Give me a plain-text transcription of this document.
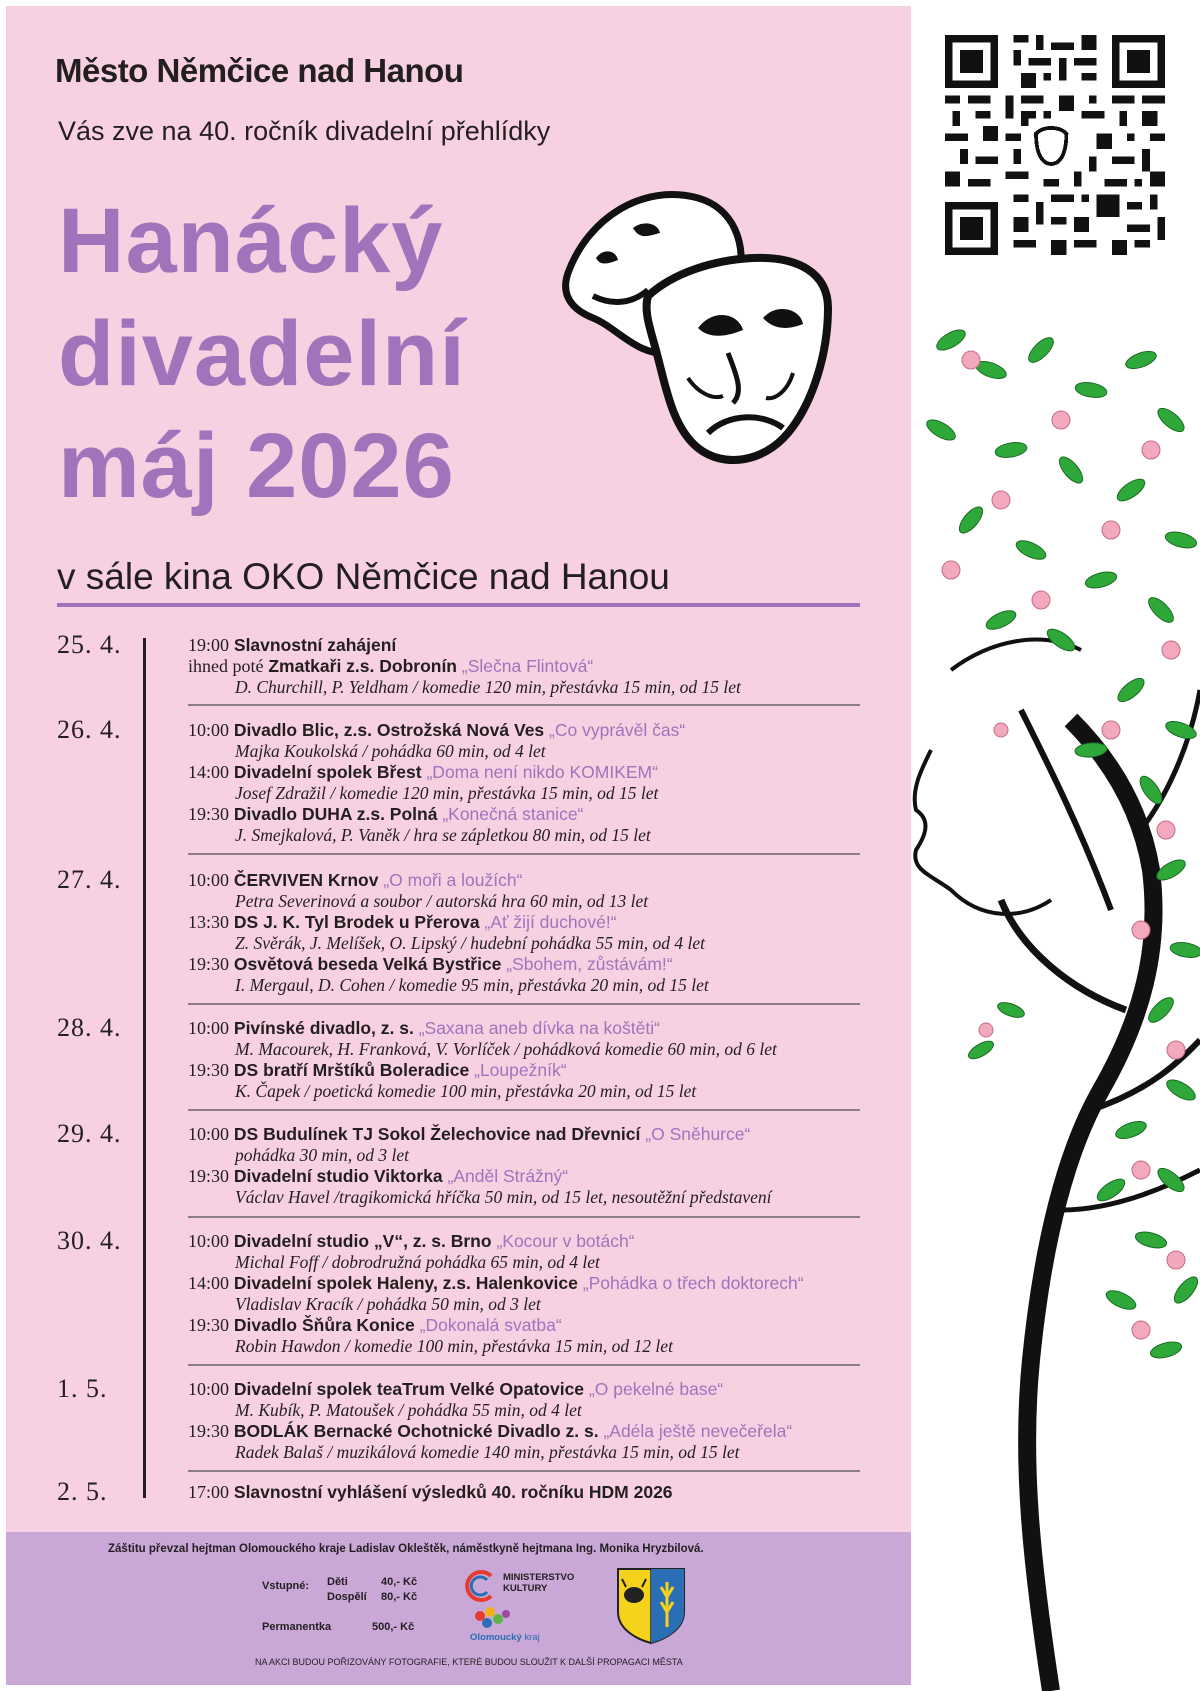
Město Němčice nad Hanou
Vás zve na 40. ročník divadelní přehlídky
Hanácký
divadelní
máj 2026
v sále kina OKO Němčice nad Hanou
25. 4.	19:00 Slavnostní zahájení
ihned poté Zmatkaři z.s. Dobronín „Slečna Flintová“
D. Churchill, P. Yeldham / komedie 120 min, přestávka 15 min, od 15 let
26. 4.	10:00 Divadlo Blic, z.s. Ostrožská Nová Ves „Co vyprávěl čas“
Majka Koukolská / pohádka 60 min, od 4 let
14:00 Divadelní spolek Břest „Doma není nikdo KOMIKEM“
Josef Zdražil / komedie 120 min, přestávka 15 min, od 15 let
19:30 Divadlo DUHA z.s. Polná „Konečná stanice“
J. Smejkalová, P. Vaněk / hra se zápletkou 80 min, od 15 let
27. 4.	10:00 ČERVIVEN Krnov „O moři a loužích“
Petra Severinová a soubor / autorská hra 60 min, od 13 let
13:30 DS J. K. Tyl Brodek u Přerova „Ať žijí duchové!“
Z. Svěrák, J. Melíšek, O. Lipský / hudební pohádka 55 min, od 4 let
19:30 Osvětová beseda Velká Bystřice „Sbohem, zůstávám!“
I. Mergaul, D. Cohen / komedie 95 min, přestávka 20 min, od 15 let
28. 4.	10:00 Pivínské divadlo, z. s. „Saxana aneb dívka na koštěti“
M. Macourek, H. Franková, V. Vorlíček / pohádková komedie 60 min, od 6 let
19:30 DS bratří Mrštíků Boleradice „Loupežník“
K. Čapek / poetická komedie 100 min, přestávka 20 min, od 15 let
29. 4.	10:00 DS Budulínek TJ Sokol Želechovice nad Dřevnicí „O Sněhurce“
pohádka 30 min, od 3 let
19:30 Divadelní studio Viktorka „Anděl Strážný“
Václav Havel /tragikomická hříčka 50 min, od 15 let, nesoutěžní představení
30. 4.	10:00 Divadelní studio „V“, z. s. Brno „Kocour v botách“
Michal Foff / dobrodružná pohádka 65 min, od 4 let
14:00 Divadelní spolek Haleny, z.s. Halenkovice „Pohádka o třech doktorech“
Vladislav Kracík / pohádka 50 min, od 3 let
19:30 Divadlo Šňůra Konice „Dokonalá svatba“
Robin Hawdon / komedie 100 min, přestávka 15 min, od 12 let
1. 5.	10:00 Divadelní spolek teaTrum Velké Opatovice „O pekelné base“
M. Kubík, P. Matoušek / pohádka 55 min, od 4 let
19:30 BODLÁK Bernacké Ochotnické Divadlo z. s. „Adéla ještě nevečeřela“
Radek Balaš / muzikálová komedie 140 min, přestávka 15 min, od 15 let
2. 5.	17:00 Slavnostní vyhlášení výsledků 40. ročníku HDM 2026
Záštitu převzal hejtman Olomouckého kraje Ladislav Okleštěk, náměstkyně hejtmana Ing. Monika Hryzbilová.
Vstupné: Děti	40,- Kč
Dospělí 80,- Kč
Permanentka	500,- Kč
MINISTERSTVO
KULTURY
Olomoucký kraj
NA AKCI BUDOU POŘIZOVÁNY FOTOGRAFIE, KTERÉ BUDOU SLOUŽIT K DALŠÍ PROPAGACI MĚSTA
